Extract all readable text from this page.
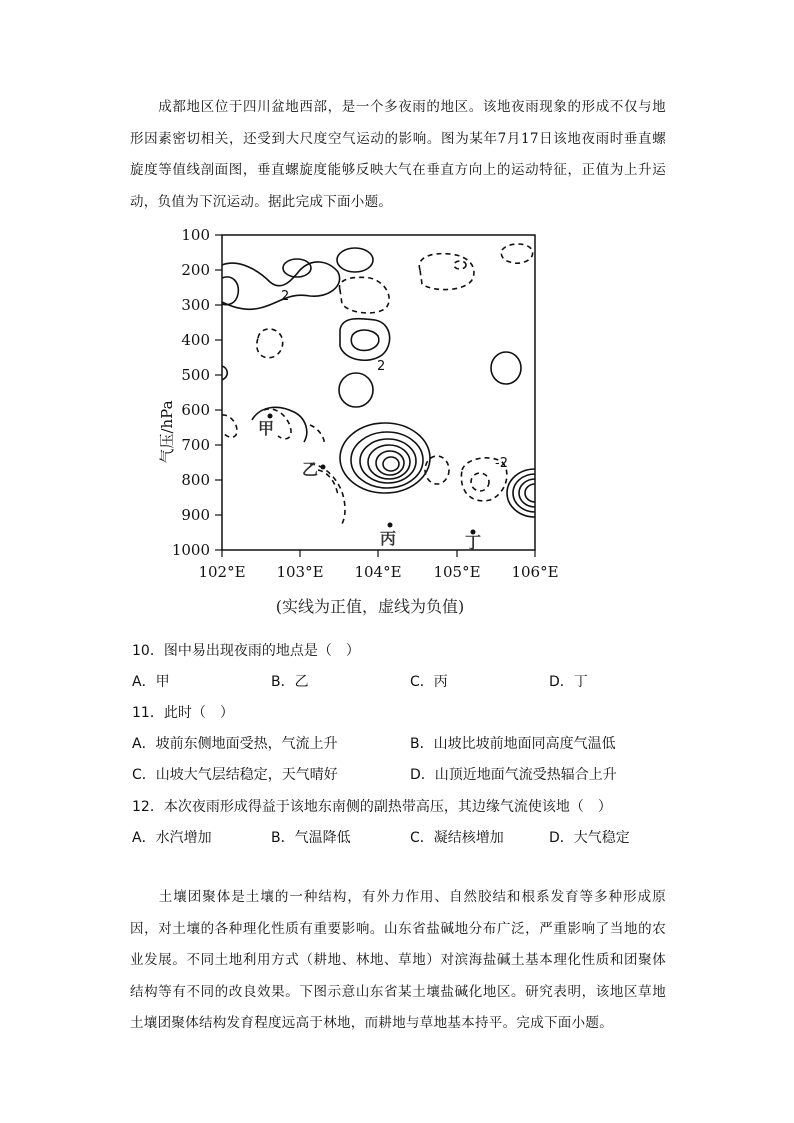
成都地区位于四川盆地西部，是一个多夜雨的地区。该地夜雨现象的形成不仅与地形因素密切相关，还受到大尺度空气运动的影响。图为某年7月17日该地夜雨时垂直螺旋度等值线剖面图，垂直螺旋度能够反映大气在垂直方向上的运动特征，正值为上升运动，负值为下沉运动。据此完成下面小题。
100
200
300
400
500
600
700
800
900
1000
气压/hPa
102°E 103°E 104°E 105°E 106°E
(实线为正值，虚线为负值)
2
2
-2
甲
乙
丙	丁
10．图中易出现夜雨的地点是（　）
A．甲	B．乙	C．丙	D．丁
11．此时（　）
A．坡前东侧地面受热，气流上升	B．山坡比坡前地面同高度气温低
C．山坡大气层结稳定，天气晴好	D．山顶近地面气流受热辐合上升
12．本次夜雨形成得益于该地东南侧的副热带高压，其边缘气流使该地（　）
A．水汽增加	B．气温降低	C．凝结核增加	D．大气稳定
土壤团聚体是土壤的一种结构，有外力作用、自然胶结和根系发育等多种形成原因，对土壤的各种理化性质有重要影响。山东省盐碱地分布广泛，严重影响了当地的农业发展。不同土地利用方式（耕地、林地、草地）对滨海盐碱土基本理化性质和团聚体结构等有不同的改良效果。下图示意山东省某土壤盐碱化地区。研究表明，该地区草地土壤团聚体结构发育程度远高于林地，而耕地与草地基本持平。完成下面小题。
